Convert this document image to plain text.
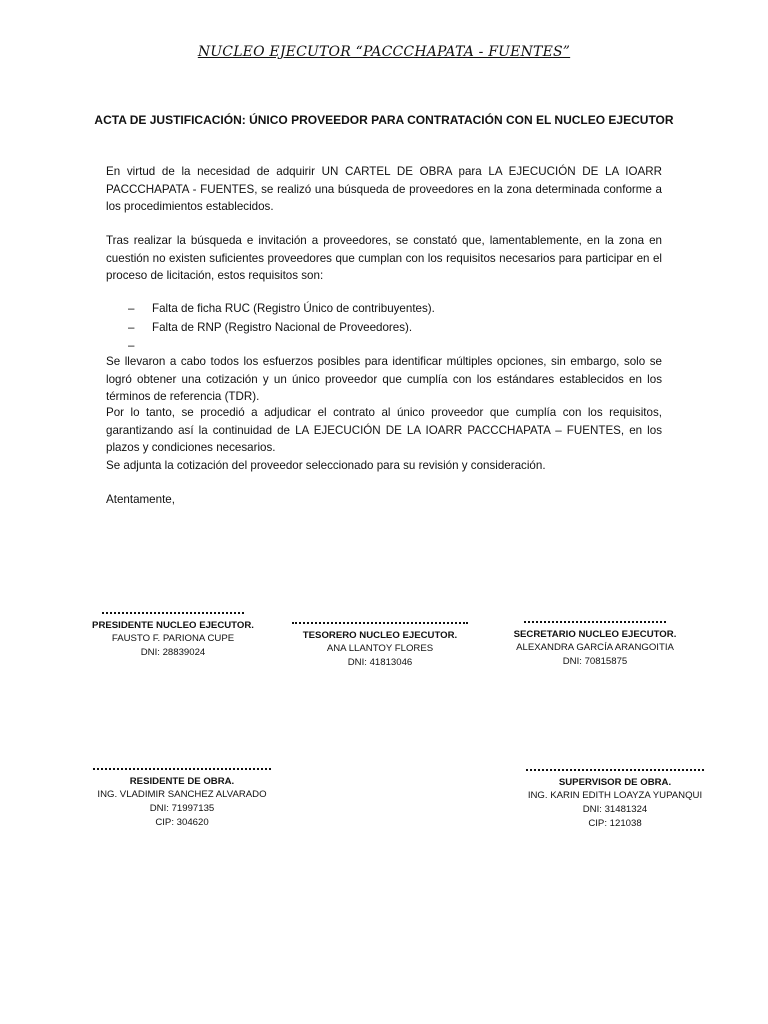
NUCLEO EJECUTOR “PACCCHAPATA - FUENTES”
ACTA DE JUSTIFICACIÓN: ÚNICO PROVEEDOR PARA CONTRATACIÓN CON EL NUCLEO EJECUTOR
En virtud de la necesidad de adquirir UN CARTEL DE OBRA para LA EJECUCIÓN DE LA IOARR PACCCHAPATA - FUENTES, se realizó una búsqueda de proveedores en la zona determinada conforme a los procedimientos establecidos.
Tras realizar la búsqueda e invitación a proveedores, se constató que, lamentablemente, en la zona en cuestión no existen suficientes proveedores que cumplan con los requisitos necesarios para participar en el proceso de licitación, estos requisitos son:
–	Falta de ficha RUC (Registro Único de contribuyentes).
–	Falta de RNP (Registro Nacional de Proveedores).
–
Se llevaron a cabo todos los esfuerzos posibles para identificar múltiples opciones, sin embargo, solo se logró obtener una cotización y un único proveedor que cumplía con los estándares establecidos en los términos de referencia (TDR).
Por lo tanto, se procedió a adjudicar el contrato al único proveedor que cumplía con los requisitos, garantizando así la continuidad de LA EJECUCIÓN DE LA IOARR PACCCHAPATA – FUENTES, en los plazos y condiciones necesarios.
Se adjunta la cotización del proveedor seleccionado para su revisión y consideración.
Atentamente,
PRESIDENTE NUCLEO EJECUTOR.
FAUSTO F. PARIONA CUPE
DNI: 28839024
TESORERO NUCLEO EJECUTOR.
ANA LLANTOY FLORES
DNI: 41813046
SECRETARIO NUCLEO EJECUTOR.
ALEXANDRA GARCÍA ARANGOITIA
DNI: 70815875
RESIDENTE DE OBRA.
ING. VLADIMIR SANCHEZ ALVARADO
DNI: 71997135
CIP: 304620
SUPERVISOR DE OBRA.
ING. KARIN EDITH LOAYZA YUPANQUI
DNI: 31481324
CIP: 121038
